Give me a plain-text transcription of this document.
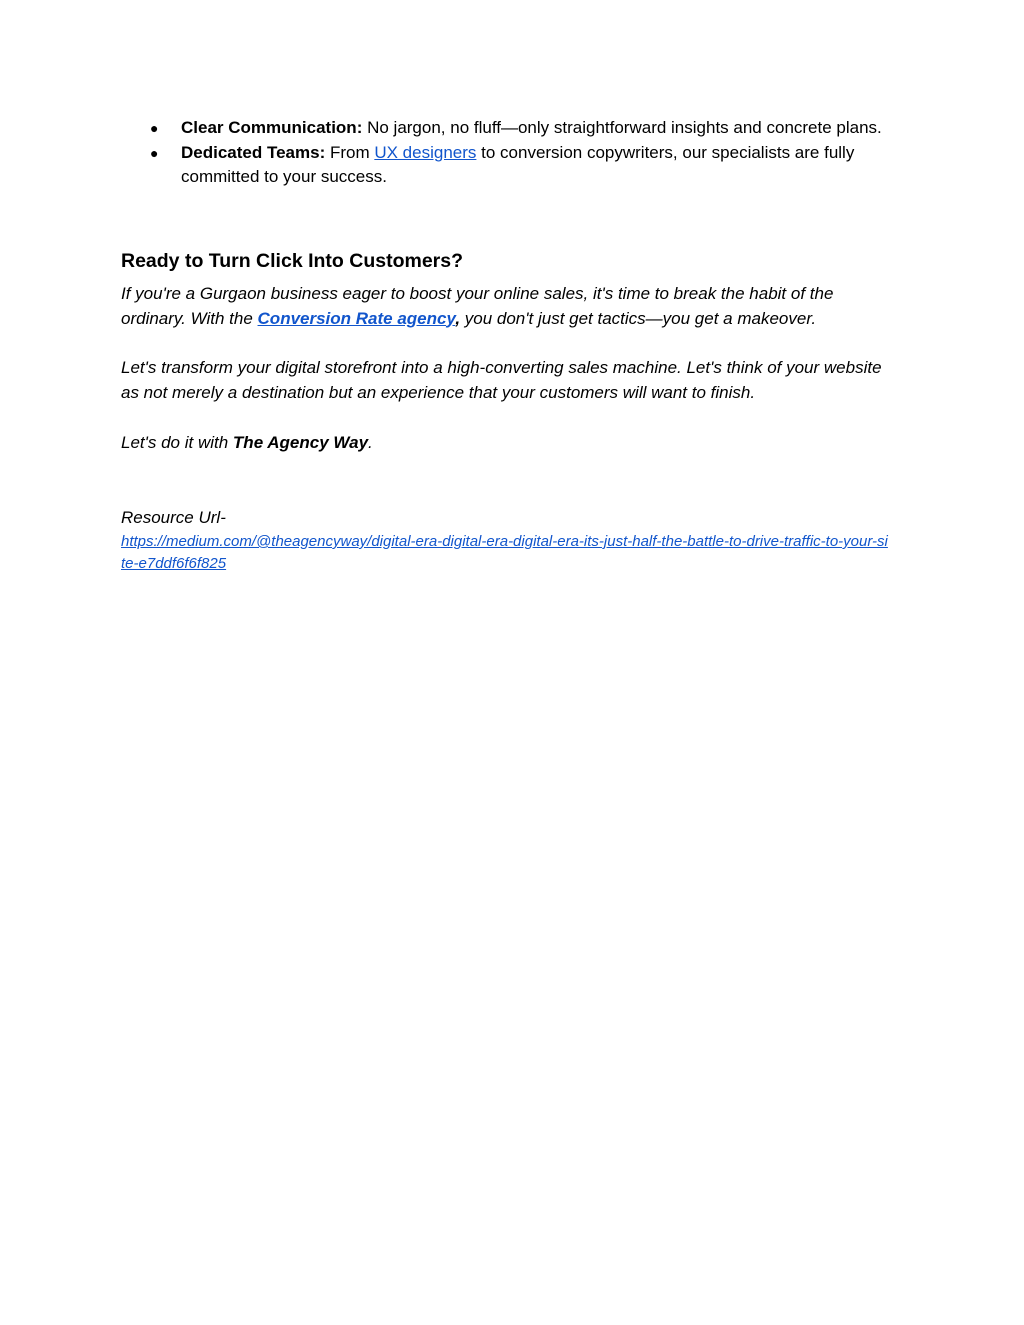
● Clear Communication: No jargon, no fluff—only straightforward insights and concrete plans.
● Dedicated Teams: From UX designers to conversion copywriters, our specialists are fully committed to your success.
Ready to Turn Click Into Customers?

If you're a Gurgaon business eager to boost your online sales, it's time to break the habit of the ordinary. With the Conversion Rate agency, you don't just get tactics—you get a makeover.

Let's transform your digital storefront into a high-converting sales machine. Let's think of your website as not merely a destination but an experience that your customers will want to finish.

Let's do it with The Agency Way.

Resource Url-

https://medium.com/@theagencyway/digital-era-digital-era-digital-era-its-just-half-the-battle-to-drive-traffic-to-your-site-e7ddf6f6f825
